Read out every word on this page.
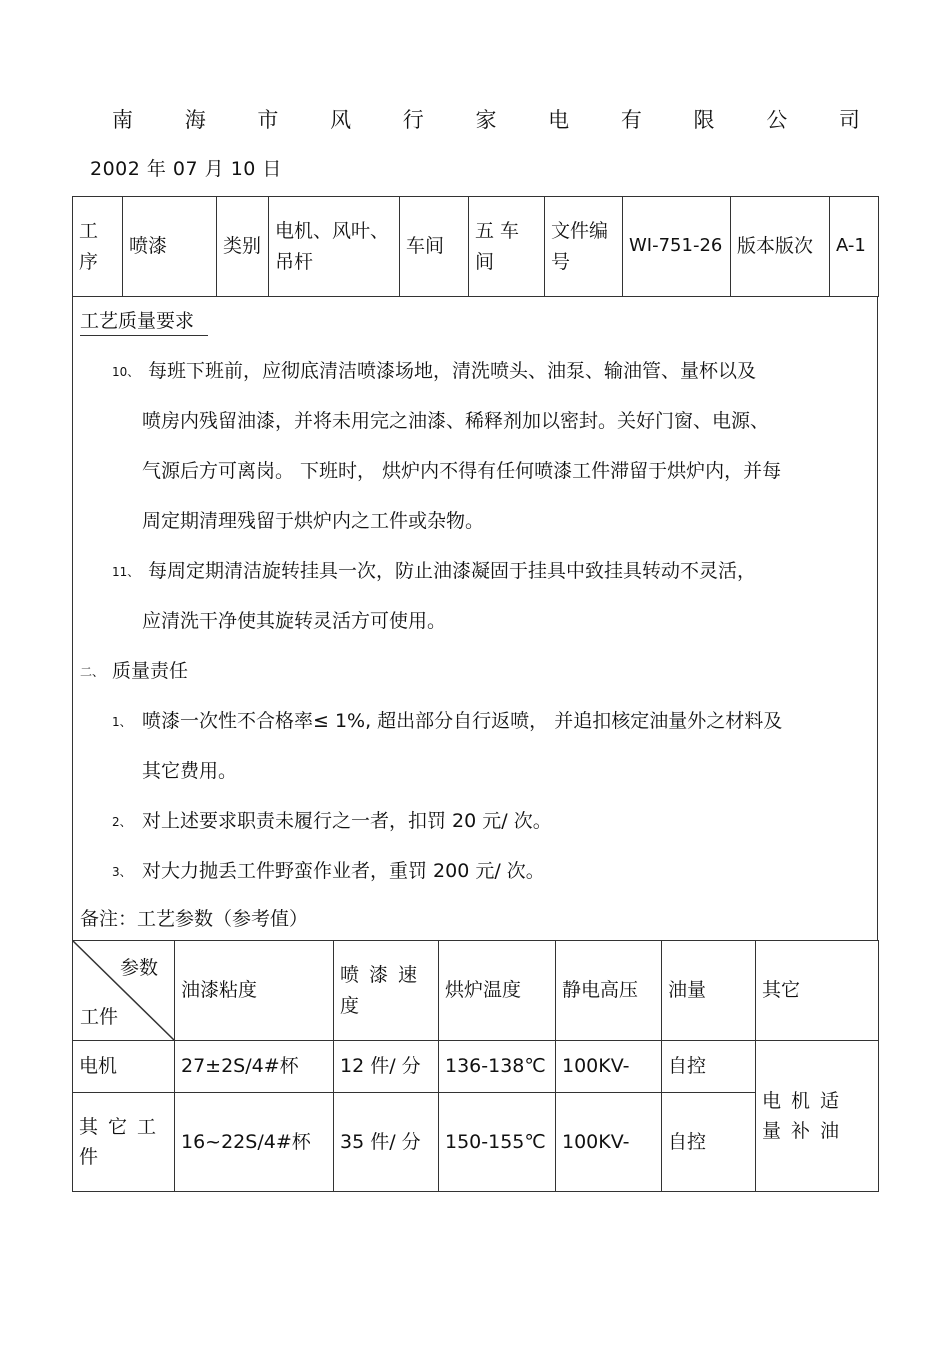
南 海 市 风 行 家 电 有 限 公 司
2002 年 07 月 10 日
工序	喷漆	类别	电机、风叶、吊杆	车间	五 车间	文件编号	WI-751-26	版本版次	A-1
工艺质量要求
10、 每班下班前，应彻底清洁喷漆场地，清洗喷头、油泵、输油管、量杯以及
喷房内残留油漆，并将未用完之油漆、稀释剂加以密封。关好门窗、电源、
气源后方可离岗。 下班时， 烘炉内不得有任何喷漆工件滞留于烘炉内，并每
周定期清理残留于烘炉内之工件或杂物。
11、 每周定期清洁旋转挂具一次，防止油漆凝固于挂具中致挂具转动不灵活，
应清洗干净使其旋转灵活方可使用。
二、 质量责任
1、 喷漆一次性不合格率≤ 1%, 超出部分自行返喷， 并追扣核定油量外之材料及
其它费用。
2、 对上述要求职责未履行之一者，扣罚 20 元/ 次。
3、 对大力抛丢工件野蛮作业者，重罚 200 元/ 次。
备注：工艺参数（参考值）
参数
工件	油漆粘度	喷漆速度	烘炉温度	静电高压	油量	其它
电机	27±2S/4#杯	12 件/ 分	136-138℃	100KV-	自控	电机适量补油
其它工件	16~22S/4#杯	35 件/ 分	150-155℃	100KV-	自控	
